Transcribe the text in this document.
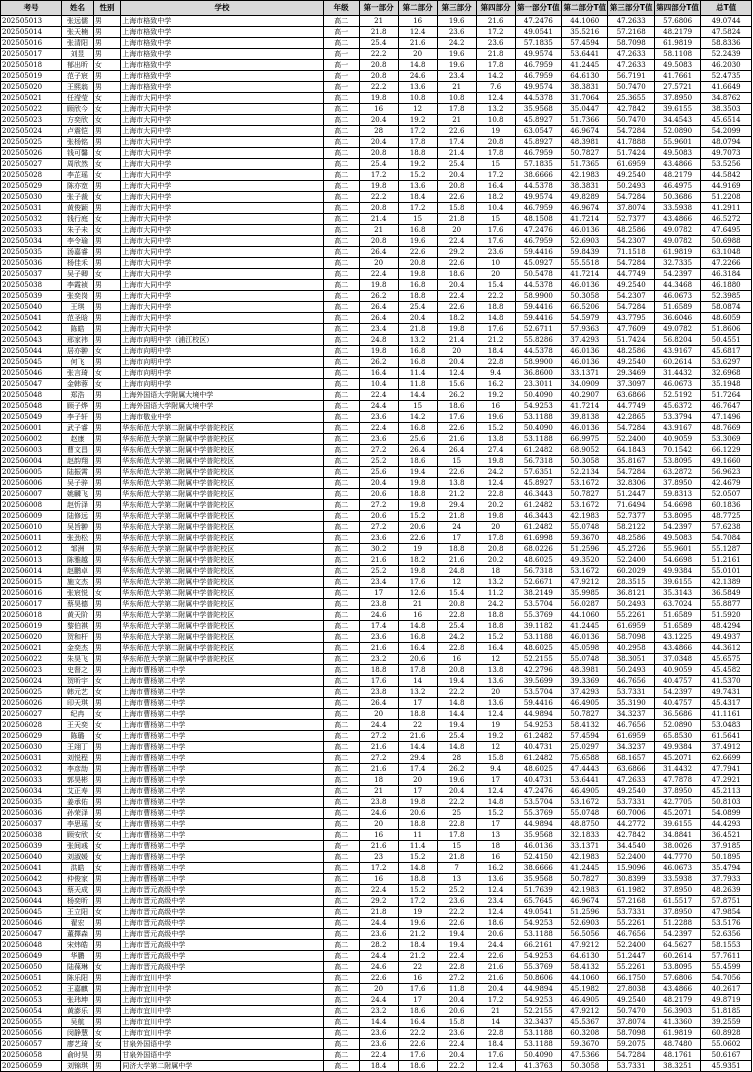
考号	姓名	性别	学校	年级	第一部分	第二部分	第三部分	第四部分	第一部分T值	第二部分T值	第三部分T值	第四部分T值	总T值
202505013	张远儒	男	上海市格致中学	高二	21	16	19.6	21.6	47.2476	44.1060	47.2633	57.6806	49.0744
202505014	张天楠	男	上海市格致中学	高一	21.8	12.4	23.6	17.2	49.0541	35.5216	57.2168	48.2179	47.5824
202505016	张清阳	男	上海市格致中学	高二	25.4	21.6	24.2	23.6	57.1835	57.4594	58.7098	61.9819	58.8336
202505017	刘昱	男	上海市格致中学	高一	22.2	20	19.6	21.8	49.9574	53.6441	47.2633	58.1108	52.2439
202505018	郁出昕	女	上海市格致中学	高一	20.8	14.8	19.6	17.8	46.7959	41.2445	47.2633	49.5083	46.2030
202505019	范子宸	男	上海市格致中学	高一	20.8	24.6	23.4	14.2	46.7959	64.6130	56.7191	41.7661	52.4735
202505020	王熙翁	男	上海市格致中学	高一	22.2	13.6	21	7.6	49.9574	38.3831	50.7470	27.5721	41.6649
202505021	任滢莹	女	上海市大同中学	高二	19.8	10.8	10.8	12.4	44.5378	31.7064	25.3655	37.8950	34.8762
202505022	顾欣今	女	上海市大同中学	高二	16	12	17.8	13.2	35.9568	35.0447	42.7842	39.6155	38.3503
202505023	方奕欣	女	上海市大同中学	高二	20.4	19.2	21	10.8	45.8927	51.7366	50.7470	34.4543	45.6514
202505024	卢震恺	男	上海市大同中学	高二	28	17.2	22.6	19	63.0547	46.9674	54.7284	52.0890	54.2099
202505025	张杨铭	男	上海市大同中学	高二	20.4	17.8	17.4	20.8	45.8927	48.3981	41.7888	55.9601	48.0794
202505026	钱可馨	女	上海市大同中学	高二	20.8	18.8	21.4	17.8	46.7959	50.7827	51.7424	49.5083	49.7073
202505027	周欣然	女	上海市大同中学	高二	25.4	19.2	25.4	15	57.1835	51.7365	61.6959	43.4866	53.5256
202505028	李芷瑶	女	上海市大同中学	高二	17.2	15.2	20.4	17.2	38.6666	42.1983	49.2540	48.2179	44.5842
202505029	陈亦宽	男	上海市大同中学	高二	19.8	13.6	20.8	16.4	44.5378	38.3831	50.2493	46.4975	44.9169
202505030	张子裁	女	上海市大同中学	高二	22.2	18.4	22.6	18.2	49.9574	49.8289	54.7284	50.3686	51.2208
202505031	黄俊颖	男	上海市大同中学	高二	20.8	17.2	15.8	10.4	46.7959	46.9674	37.8074	33.5938	41.2911
202505032	钱行庭	女	上海市大同中学	高二	21.4	15	21.8	15	48.1508	41.7214	52.7377	43.4866	46.5272
202505033	朱子未	女	上海市大同中学	高二	21	16.8	20	17.6	47.2476	46.0136	48.2586	49.0782	47.6495
202505034	李令瑜	男	上海市大同中学	高二	20.8	19.6	22.4	17.6	46.7959	52.6903	54.2307	49.0782	50.6988
202505035	汤嘉睿	男	上海市大同中学	高二	26.4	22.6	29.2	23.6	59.4416	59.8439	71.1518	61.9819	63.1048
202505036	杨佳禾	男	上海市大同中学	高二	20	20.8	22.6	10	45.0927	55.5518	54.7284	32.7335	47.2266
202505037	吴子卿	女	上海市大同中学	高二	22.4	19.8	18.6	20	50.5478	41.7214	44.7749	54.2397	46.3184
202505038	李霞祯	男	上海市大同中学	高二	19.8	16.8	20.4	15.4	44.5378	46.0136	49.2540	44.3468	46.1880
202505039	张奕岗	男	上海市大同中学	高二	26.2	18.8	22.4	22.2	58.9900	50.3058	54.2307	46.0673	52.3985
202505040	王琪	男	上海市大同中学	高二	26.4	25.4	22.6	18.8	59.4416	66.5206	54.7284	51.6589	58.0874
202505041	范圣晗	男	上海市大同中学	高二	26.4	20.4	18.2	14.8	59.4416	54.5979	43.7795	36.6046	48.6059
202505042	陈皓	男	上海市大同中学	高二	23.4	21.8	19.8	17.6	52.6711	57.9363	47.7609	49.0782	51.8606
202505043	邢家祎	男	上海市向明中学（浦江校区）	高二	24.8	13.2	21.4	21.2	55.8286	37.4293	51.7424	56.8204	50.4551
202505044	居亦翀	女	上海市向明中学	高二	19.8	16.8	20	18.4	44.5378	46.0136	48.2586	43.9167	45.6817
202505045	何飞	男	上海市向明中学	高二	26.2	16.8	20.4	22.8	58.9900	46.0136	49.2540	60.2614	53.6297
202505046	张言琦	女	上海市向明中学	高二	16.4	11.4	12.4	9.4	36.8600	33.1371	29.3469	31.4432	32.6968
202505047	金韩蓉	女	上海市向明中学	高二	10.4	11.8	15.6	16.2	23.3011	34.0909	37.3097	46.0673	35.1948
202505048	郑浩	男	上海外国语大学附属大境中学	高二	22.4	14.4	26.2	19.2	50.4090	40.2907	63.6866	52.5192	51.7264
202505048	顾子烨	男	上海外国语大学附属大境中学	高二	24.4	15	18.6	16	54.9253	41.7214	44.7749	45.6372	46.7647
202505049	李子轩	男	上海市敬业中学	高二	23.6	14.2	17.6	19.6	53.1188	39.8138	42.2865	53.3794	47.1496
202506001	武子睿	男	华东师范大学第二附属中学普陀校区	高二	22.4	16.8	22.6	15.2	50.4090	46.0136	54.7284	43.9167	48.7669
202506002	赵康	男	华东师范大学第二附属中学普陀校区	高二	23.6	25.6	21.6	13.8	53.1188	66.9975	52.2400	40.9059	53.3069
202506003	曹文昌	男	华东师范大学第二附属中学普陀校区	高二	27.2	26.4	26.4	27.4	61.2482	68.9052	64.1843	70.1542	66.1229
202506004	赵韵翔	男	华东师范大学第二附属中学普陀校区	高二	25.2	18.6	15	19.8	56.7318	50.3058	35.8167	53.8095	49.1660
202506005	陆振霄	男	华东师范大学第二附属中学普陀校区	高二	25.6	19.4	22.6	24.2	57.6351	52.2134	54.7284	63.2872	56.9623
202506006	吴子骍	男	华东师范大学第二附属中学普陀校区	高二	20.4	19.8	13.8	12.4	45.8927	53.1672	32.8306	37.8950	42.4679
202506007	姚麟飞	男	华东师范大学第二附属中学普陀校区	高二	20.6	18.8	21.2	22.8	46.3443	50.7827	51.2447	59.8313	52.0507
202506008	赵忻泽	男	华东师范大学第二附属中学普陀校区	高二	27.2	19.8	29.4	20.2	61.2482	53.1672	71.6494	54.6698	60.1836
202506009	陆修远	男	华东师范大学第二附属中学普陀校区	高二	20.6	15.2	21.8	19.8	46.3443	42.1983	52.7377	53.8095	48.7725
202506010	吴旨翀	男	华东师范大学第二附属中学普陀校区	高二	27.2	20.6	24	20	61.2482	55.0748	58.2122	54.2397	57.6238
202506011	张劲松	男	华东师范大学第二附属中学普陀校区	高二	23.6	22.6	17	17.8	61.6998	59.3670	48.2586	49.5083	54.7084
202506012	邹洲	男	华东师范大学第二附属中学普陀校区	高二	30.2	19	18.8	20.8	68.0226	51.2596	45.2726	55.9601	55.1287
202506013	陈雅越	男	华东师范大学第二附属中学普陀校区	高二	21.6	18.2	21.6	20.2	48.6025	49.3520	52.2400	54.6698	51.2161
202506014	赵鹏卓	男	华东师范大学第二附属中学普陀校区	高二	25.2	19.8	24.8	18	56.7318	53.1672	60.2029	49.9384	55.0101
202506015	施文杰	男	华东师范大学第二附属中学普陀校区	高二	23.4	17.6	12	13.2	52.6671	47.9212	28.3515	39.6155	42.1389
202506016	张宸悦	女	华东师范大学第二附属中学普陀校区	高二	17	12.6	15.4	11.2	38.2149	35.9985	36.8121	35.3143	36.5849
202506017	蔡昊德	男	华东师范大学第二附属中学普陀校区	高二	23.8	21	20.8	24.2	53.5704	56.0287	50.2493	63.7024	55.8877
202506018	黄天阶	男	华东师范大学第二附属中学普陀校区	高二	24.6	16	22.8	18.8	55.3769	44.1060	55.2261	51.6589	51.5920
202506019	黎伯祺	男	华东师范大学第二附属中学普陀校区	高二	17.4	14.8	25.4	18.8	39.1182	41.2445	61.6959	51.6589	48.4294
202506020	贺和杆	男	华东师范大学第二附属中学普陀校区	高二	23.6	16.8	24.2	15.2	53.1188	46.0136	58.7098	43.1225	49.4937
202506021	金奕杰	男	华东师范大学第二附属中学普陀校区	高二	21.6	16.4	22.8	16.4	48.6025	45.0598	40.2958	43.4866	44.3612
202506022	朱昊飞	男	华东师范大学第二附属中学普陀校区	高二	23.2	20.6	16	12	52.2155	55.0748	38.3051	37.0348	45.6575
202506023	史督之	男	上海市曹杨第二中学	高二	18.8	17.8	20.8	13.8	42.2796	48.3981	50.2493	40.9059	45.4582
202506024	贺昕宇	女	上海市曹杨第二中学	高二	17.6	14	19.4	13.6	39.5699	39.3369	46.7656	40.4757	41.5370
202506025	韩元艺	女	上海市曹杨第二中学	高二	23.8	13.2	22.2	20	53.5704	37.4293	53.7331	54.2397	49.7431
202506026	印天琪	男	上海市曹杨第二中学	高二	26.4	17	14.8	13.6	59.4416	46.4905	35.3190	40.4757	45.4317
202506027	纪冉	女	上海市曹杨第二中学	高二	20	18.8	14.4	12.4	44.9894	50.7827	34.3237	36.5686	41.1161
202506028	王天奕	女	上海市曹杨第二中学	高二	24.4	22	19.4	19	54.9253	58.4132	46.7656	52.0890	53.0483
202506029	陈璐	女	上海市曹杨第二中学	高二	27.2	21.6	25.4	19.2	61.2482	57.4594	61.6959	65.8530	61.5641
202506030	王翊丁	男	上海市曹杨第二中学	高二	21.6	14.4	14.8	12	40.4731	25.0297	34.3237	49.9384	37.4912
202506031	刘悦程	男	上海市曹杨第二中学	高二	27.2	29.4	28	15.8	61.2482	75.6588	68.1657	45.2071	62.6699
202506032	李彦劼	男	上海市曹杨第二中学	高二	21.6	17.4	26.2	9.4	48.6025	47.4443	63.6866	31.4432	47.7941
202506033	郭昊彬	男	上海市曹杨第二中学	高二	18	20	19.6	17	40.4731	53.6441	47.2633	47.7878	47.2921
202506034	艾正寿	男	上海市曹杨第二中学	高二	21	17	20.4	12.4	47.2476	46.4905	49.2540	37.8950	45.2113
202506035	姜承佑	男	上海市曹杨第二中学	高二	23.8	19.8	22.2	14.8	53.5704	53.1672	53.7331	42.7705	50.8103
202506036	孙荣泽	男	上海市曹杨第二中学	高二	24.6	20.6	25	15.2	55.3769	55.0748	60.7006	45.2071	54.0899
202506037	李思瑶	女	上海市曹杨第二中学	高二	20	18.8	22.8	17	44.9894	48.8750	44.2772	39.6155	44.4293
202506038	顾安欣	女	上海市曹杨第二中学	高二	16	11	17.8	13	35.9568	32.1833	42.7842	34.8841	36.4521
202506039	张间彧	女	上海市曹杨第二中学	高一	21.6	11.4	15	18	46.0136	33.1371	34.4540	38.0026	37.9185
202506040	刘淑媛	女	上海市曹杨第二中学	高二	23	15.2	21.8	16	52.4150	42.1983	52.2400	44.7770	50.1895
202506041	洪皓	女	上海市曹杨第二中学	高二	17.2	14.8	7	16.2	38.6666	41.2445	15.9096	46.0673	35.4794
202506042	仲俊家	男	上海市曹杨第二中学	高二	16	18.8	13	13.6	35.9568	50.7827	30.8399	33.5938	37.7933
202506043	蔡天成	男	上海市晋元高级中学	高二	22.4	15.2	25.2	12.4	51.7639	42.1983	61.1982	37.8950	48.2639
202506044	杨奕昕	男	上海市晋元高级中学	高二	29.2	17.2	23.6	23.4	65.7645	46.9674	57.2168	61.5517	57.8751
202506045	王立阳	女	上海市晋元高级中学	高二	21.8	19	22.2	12.4	49.0541	51.2596	53.7331	37.8950	47.9854
202506046	翟宏	男	上海市晋元高级中学	高二	24.4	19.6	22.6	18.6	54.9253	52.6903	55.2261	51.2288	53.5176
202506047	董擇森	男	上海市晋元高级中学	高二	23.6	21.2	19.4	20.6	53.1188	56.5056	46.7656	54.2397	52.6356
202506048	宋炜皓	男	上海市晋元高级中学	高二	28.2	18.4	19.4	24.4	66.2161	47.9212	52.2400	64.5627	58.1553
202506049	华鹏	男	上海市晋元高级中学	高二	24.4	21.2	22.4	22.6	54.9253	64.6130	51.2447	60.2614	57.7611
202506050	陆葆琳	女	上海市晋元高级中学	高二	24.6	22	22.8	21.6	55.3769	58.4132	55.2261	53.8095	55.4599
202506051	陈乐阳	男	上海市宜川中学	高二	22.6	16	27.2	21.6	50.8606	44.1060	66.1750	57.6806	54.7056
202506052	王嘉麒	男	上海市宜川中学	高二	20	17.6	11.8	20.4	44.9894	45.1982	27.8038	43.4866	40.2617
202506053	张玮坤	男	上海市宜川中学	高二	24.4	17	20.4	17.2	54.9253	46.4905	49.2540	48.2179	49.8719
202506054	黄澎乐	男	上海市宜川中学	高二	23.2	18.6	20.6	21	52.2155	47.9212	50.7470	56.3903	51.8185
202506055	吴航	男	上海市宜川中学	高二	14.4	16.4	15.8	14	32.3437	45.5367	37.8074	41.3360	39.2559
202506056	闵静慧	女	上海市宜川中学	高二	23.6	22.2	23.6	22.8	53.1188	60.3208	58.7098	61.9819	60.8928
202506057	廖艺琦	女	甘泉外国语中学	高二	23.6	22.6	22.4	18.4	53.1188	59.3670	59.2075	48.7480	55.0602
202506058	俞时昊	男	甘泉外国语中学	高二	22.4	17.6	20.4	17.6	50.4090	47.5366	54.7284	48.1761	50.6167
202506059	刘锦琪	男	同济大学第二附属中学	高二	18.4	18.6	22.2	12.4	41.3763	50.3058	53.7331	38.3251	45.9351
